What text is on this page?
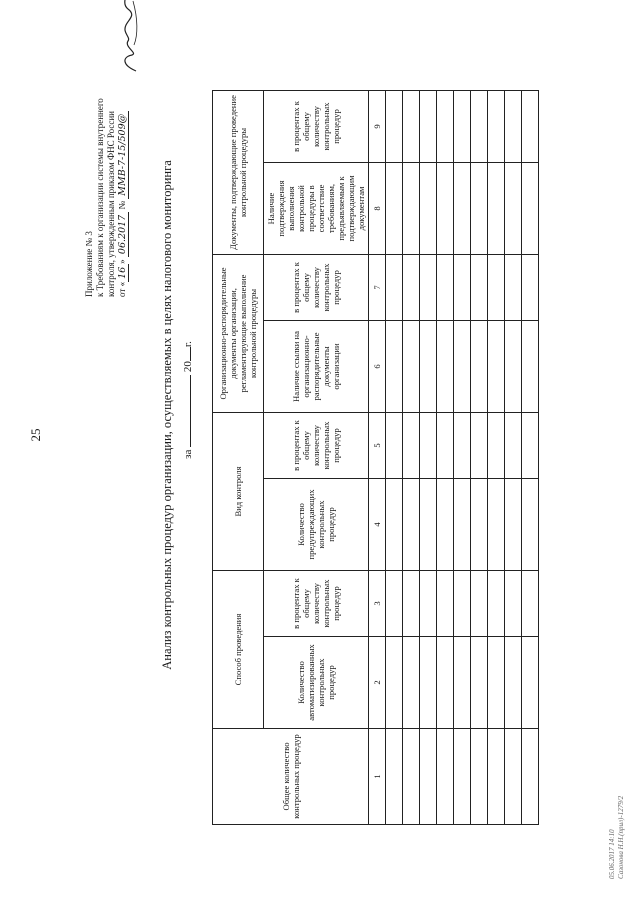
25
Приложение № 3 к Требованиям к организации системы внутреннего контроля, утвержденным приказом ФНС России от «16» 06.2017 № ММВ-7-15/509@
Анализ контрольных процедур организации, осуществляемых в целях налогового мониторинга за  20г.
Общее количество контрольных процедур	Способ проведения		Вид контроля		Организационно-распорядительные документы организации, регламентирующие выполнение контрольной процедуры		Документы, подтверждающие проведение контрольной процедуры	
	Количество автоматизированных контрольных процедур	в процентах к общему количеству контрольных процедур	Количество предупреждающих контрольных процедур	в процентах к общему количеству контрольных процедур	Наличие ссылки на организационно-распорядительные документы организации	в процентах к общему количеству контрольных процедур	Наличие подтверждения выполнения контрольной процедуры в соответствие требованиям, предъявляемым к подтверждающим документам	в процентах к общему количеству контрольных процедур
1	2	3	4	5	6	7	8	9

05.06.2017 14:10 Сазонова Н.Н.(прил)-1279/2
